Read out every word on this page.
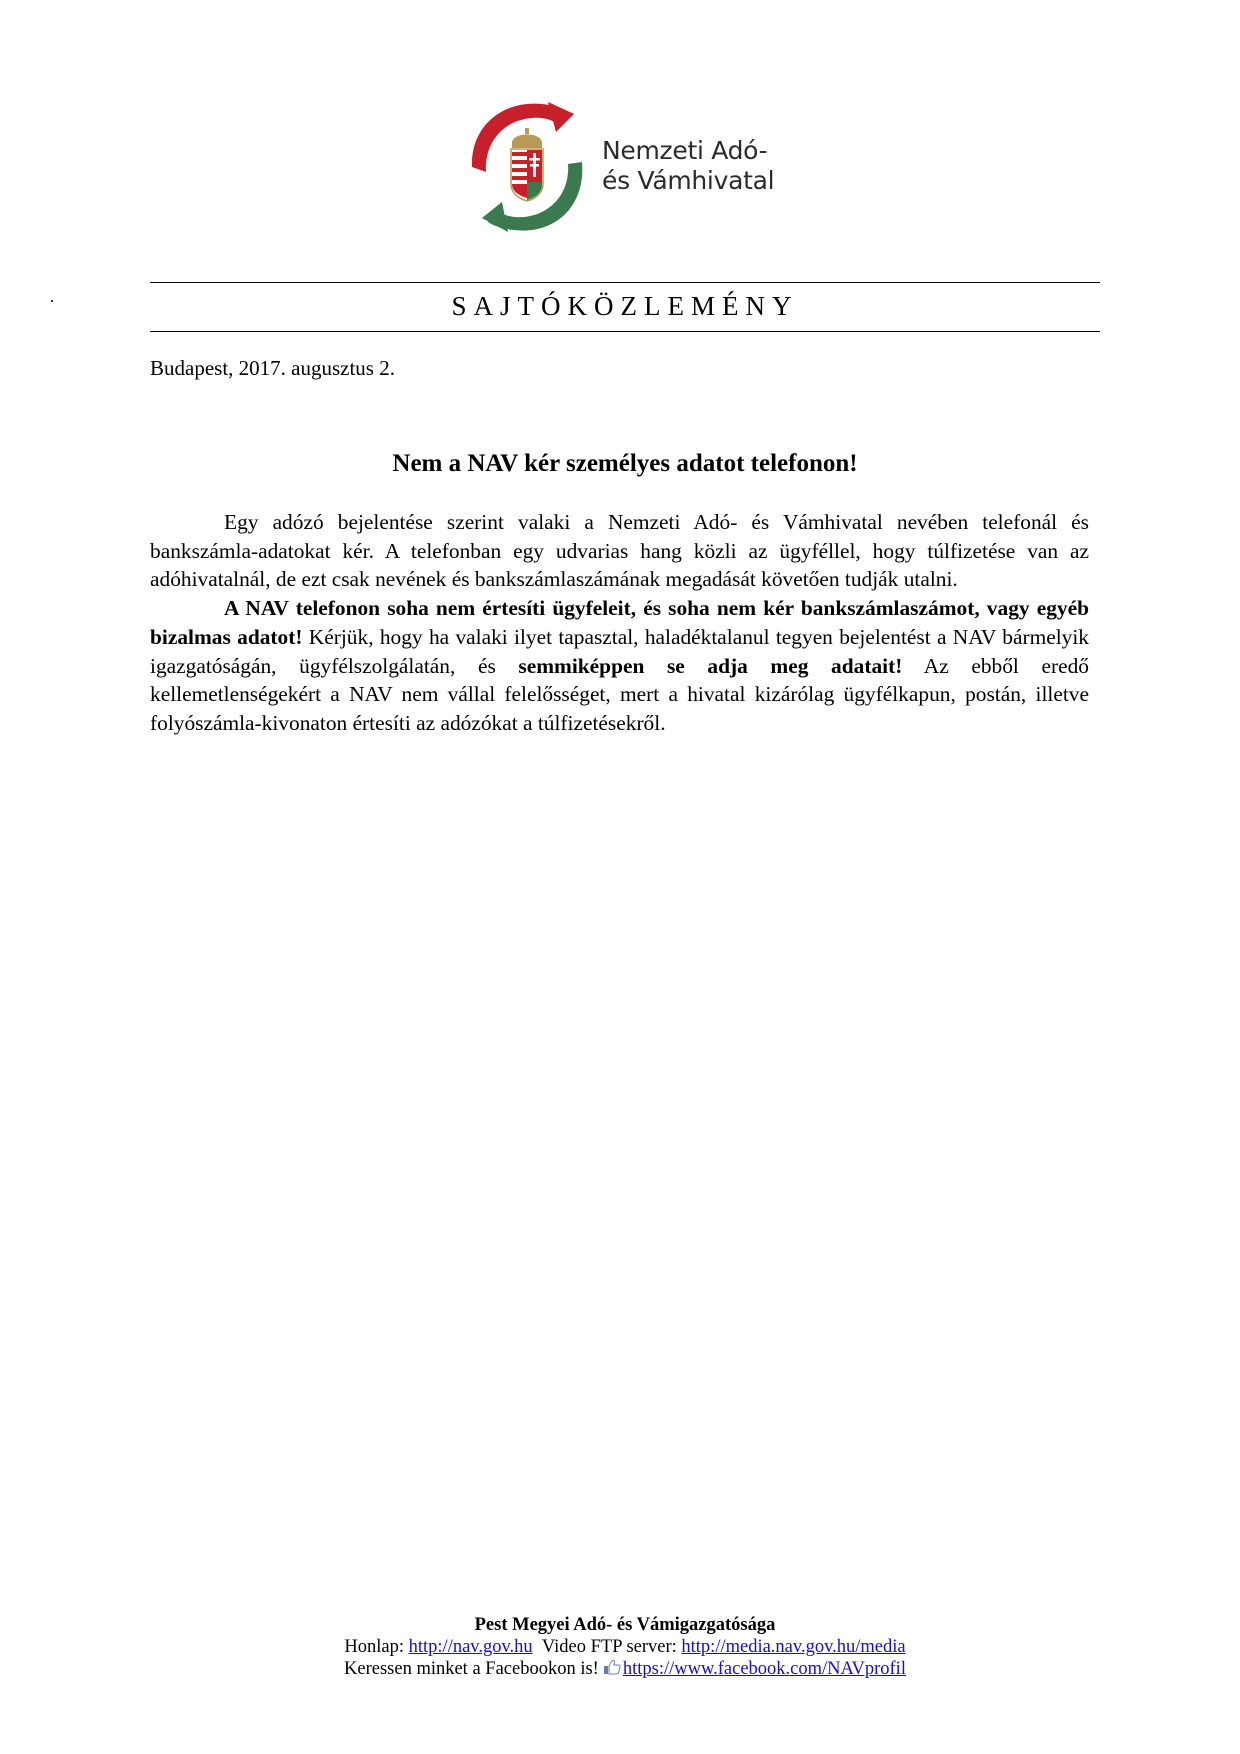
Nemzeti Adó-
és Vámhivatal
SAJTÓKÖZLEMÉNY
Budapest, 2017. augusztus 2.
Nem a NAV kér személyes adatot telefonon!

Egy adózó bejelentése szerint valaki a Nemzeti Adó- és Vámhivatal nevében telefonál és bankszámla-adatokat kér. A telefonban egy udvarias hang közli az ügyféllel, hogy túlfizetése van az adóhivatalnál, de ezt csak nevének és bankszámlaszámának megadását követően tudják utalni.

A NAV telefonon soha nem értesíti ügyfeleit, és soha nem kér bankszámlaszámot, vagy egyéb bizalmas adatot! Kérjük, hogy ha valaki ilyet tapasztal, haladéktalanul tegyen bejelentést a NAV bármelyik igazgatóságán, ügyfélszolgálatán, és semmiképpen se adja meg adatait! Az ebből eredő kellemetlenségekért a NAV nem vállal felelősséget, mert a hivatal kizárólag ügyfélkapun, postán, illetve folyószámla-kivonaton értesíti az adózókat a túlfizetésekről.

Pest Megyei Adó- és Vámigazgatósága
Honlap: http://nav.gov.hu Video FTP server: http://media.nav.gov.hu/media
Keressen minket a Facebookon is! https://www.facebook.com/NAVprofil
